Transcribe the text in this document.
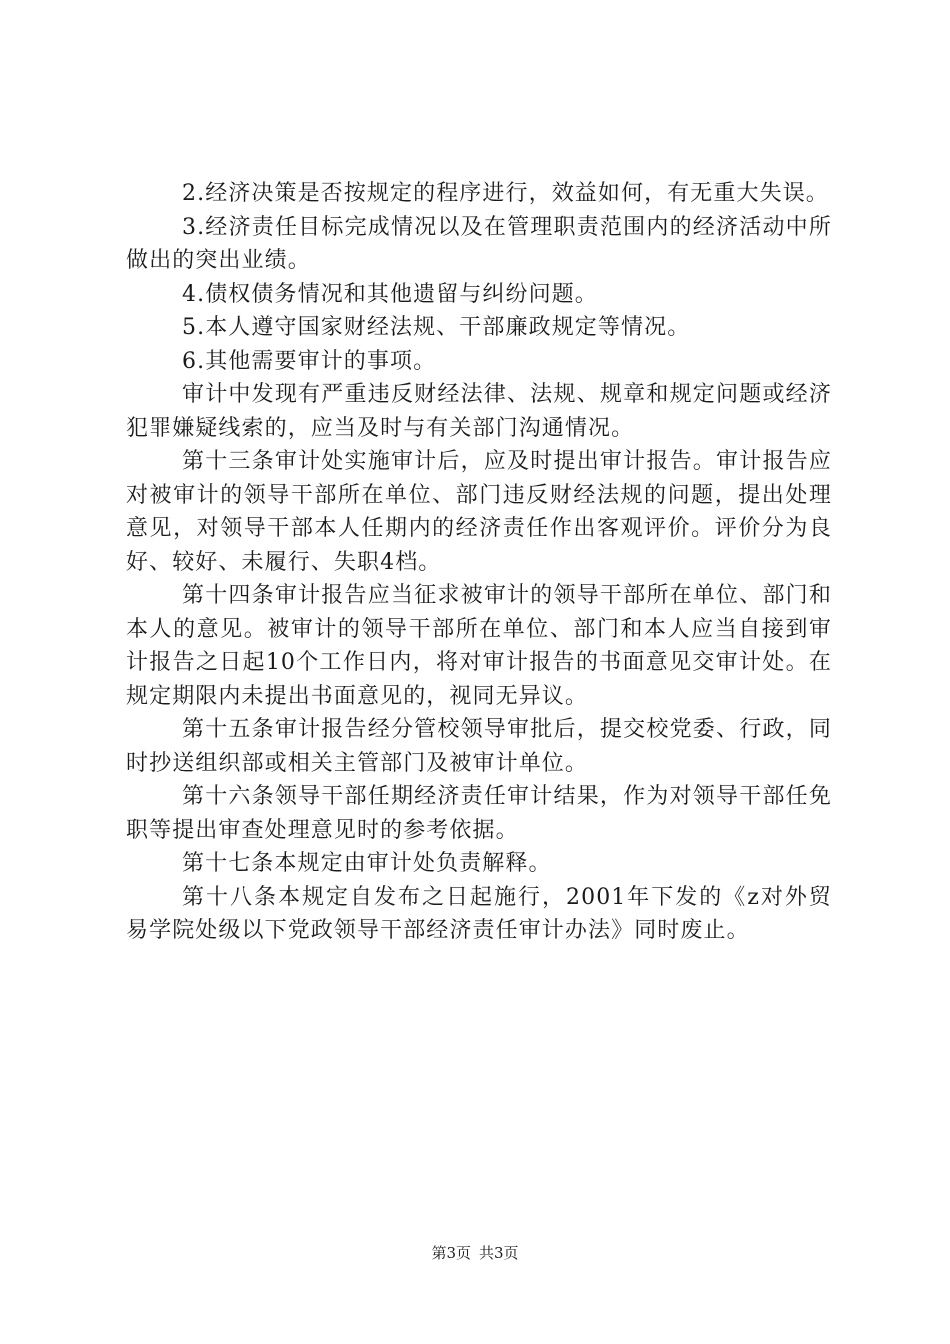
2.经济决策是否按规定的程序进行，效益如何，有无重大失误。

3.经济责任目标完成情况以及在管理职责范围内的经济活动中所做出的突出业绩。

4.债权债务情况和其他遗留与纠纷问题。

5.本人遵守国家财经法规、干部廉政规定等情况。

6.其他需要审计的事项。

审计中发现有严重违反财经法律、法规、规章和规定问题或经济犯罪嫌疑线索的，应当及时与有关部门沟通情况。

第十三条审计处实施审计后，应及时提出审计报告。审计报告应对被审计的领导干部所在单位、部门违反财经法规的问题，提出处理意见，对领导干部本人任期内的经济责任作出客观评价。评价分为良好、较好、未履行、失职4档。

第十四条审计报告应当征求被审计的领导干部所在单位、部门和本人的意见。被审计的领导干部所在单位、部门和本人应当自接到审计报告之日起10个工作日内，将对审计报告的书面意见交审计处。在规定期限内未提出书面意见的，视同无异议。

第十五条审计报告经分管校领导审批后，提交校党委、行政，同时抄送组织部或相关主管部门及被审计单位。

第十六条领导干部任期经济责任审计结果，作为对领导干部任免职等提出审查处理意见时的参考依据。

第十七条本规定由审计处负责解释。

第十八条本规定自发布之日起施行，2001年下发的《z对外贸易学院处级以下党政领导干部经济责任审计办法》同时废止。

第3页 共3页
